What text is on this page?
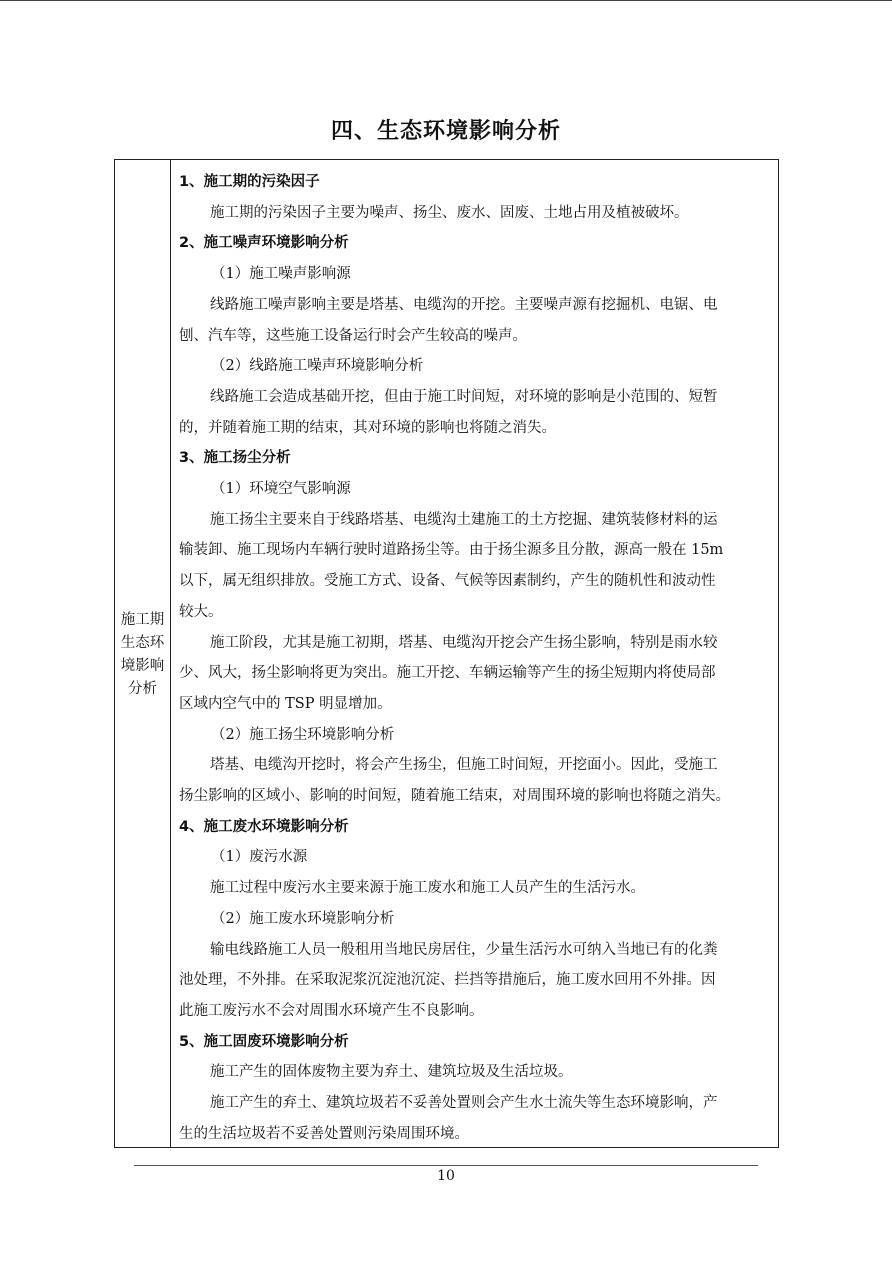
四、生态环境影响分析
施工期
生态环
境影响
分析
1、施工期的污染因子
施工期的污染因子主要为噪声、扬尘、废水、固废、土地占用及植被破坏。
2、施工噪声环境影响分析
（1）施工噪声影响源
线路施工噪声影响主要是塔基、电缆沟的开挖。主要噪声源有挖掘机、电锯、电
刨、汽车等，这些施工设备运行时会产生较高的噪声。
（2）线路施工噪声环境影响分析
线路施工会造成基础开挖，但由于施工时间短，对环境的影响是小范围的、短暂
的，并随着施工期的结束，其对环境的影响也将随之消失。
3、施工扬尘分析
（1）环境空气影响源
施工扬尘主要来自于线路塔基、电缆沟土建施工的土方挖掘、建筑装修材料的运
输装卸、施工现场内车辆行驶时道路扬尘等。由于扬尘源多且分散，源高一般在 15m
以下，属无组织排放。受施工方式、设备、气候等因素制约，产生的随机性和波动性
较大。
施工阶段，尤其是施工初期，塔基、电缆沟开挖会产生扬尘影响，特别是雨水较
少、风大，扬尘影响将更为突出。施工开挖、车辆运输等产生的扬尘短期内将使局部
区域内空气中的 TSP 明显增加。
（2）施工扬尘环境影响分析
塔基、电缆沟开挖时，将会产生扬尘，但施工时间短，开挖面小。因此，受施工
扬尘影响的区域小、影响的时间短，随着施工结束，对周围环境的影响也将随之消失。
4、施工废水环境影响分析
（1）废污水源
施工过程中废污水主要来源于施工废水和施工人员产生的生活污水。
（2）施工废水环境影响分析
输电线路施工人员一般租用当地民房居住，少量生活污水可纳入当地已有的化粪
池处理，不外排。在采取泥浆沉淀池沉淀、拦挡等措施后，施工废水回用不外排。因
此施工废污水不会对周围水环境产生不良影响。
5、施工固废环境影响分析
施工产生的固体废物主要为弃土、建筑垃圾及生活垃圾。
施工产生的弃土、建筑垃圾若不妥善处置则会产生水土流失等生态环境影响，产
生的生活垃圾若不妥善处置则污染周围环境。
10
